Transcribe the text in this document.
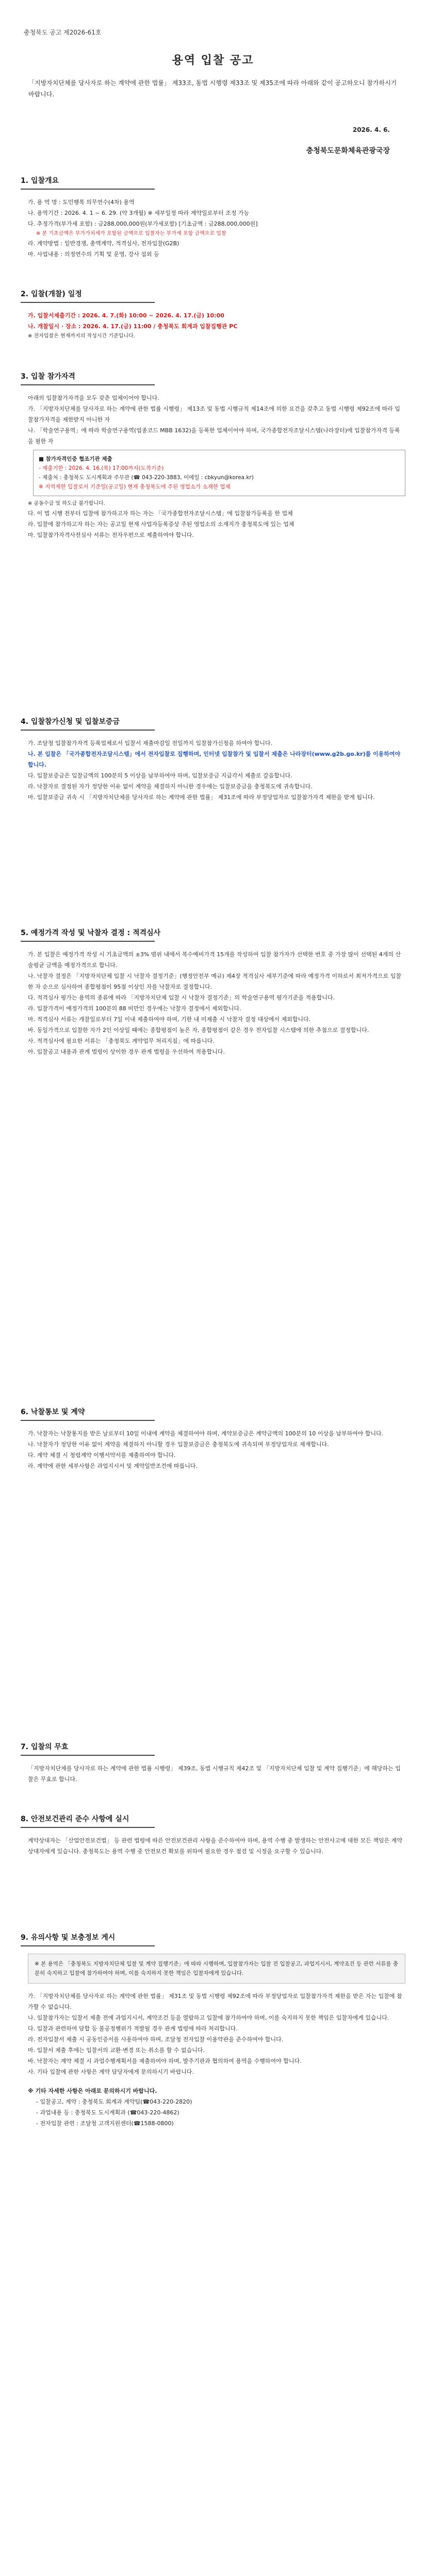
충청북도 공고 제2026-61호
용역 입찰 공고
「지방자치단체를 당사자로 하는 계약에 관한 법률」 제33조, 동법 시행령 제33조 및 제35조에 따라 아래와 같이 공고하오니 참가하시기 바랍니다.
2026. 4. 6.
충청북도문화체육관광국장
1. 입찰개요
가. 용 역 명 : 도민행복 의무연수(4차) 용역
나. 용역기간 : 2026. 4. 1 ~ 6. 29. (약 3개월) ※ 세부일정 따라 계약일로부터 조정 가능
다. 추정가격(부가세 포함) : 금288,000,000원(부가세포함) [기초금액 : 금288,000,000원]
※ 본 기초금액은 부가가치세가 포함된 금액으로 입찰자는 부가세 포함 금액으로 입찰
라. 계약방법 : 일반경쟁, 총액계약, 적격심사, 전자입찰(G2B)
마. 사업내용 : 의정연수의 기획 및 운영, 강사 섭외 등
2. 입찰(개찰) 일정
가. 입찰서제출기간 : 2026. 4. 7.(화) 10:00 ~ 2026. 4. 17.(금) 10:00
나. 개찰일시 · 장소 : 2026. 4. 17.(금) 11:00 / 충청북도 회계과 입찰집행관 PC
※ 전자입찰은 현재까지의 작성시간 기준입니다.
3. 입찰 참가자격
아래의 입찰참가자격을 모두 갖춘 업체이어야 합니다.
가. 「지방자치단체를 당사자로 하는 계약에 관한 법률 시행령」 제13조 및 동법 시행규칙 제14조에 의한 요건을 갖추고 동법 시행령 제92조에 따라 입찰참가자격을 제한받지 아니한 자
나. 「학술연구용역」에 따라 학술연구용역(업종코드 MBB 1632)을 등록한 업체이어야 하며, 국가종합전자조달시스템(나라장터)에 입찰참가자격 등록을 필한 자
■ 참가자격인증 협조기관 제출
- 제출기한 : 2026. 4. 16.(목) 17:00까지(도착기준)
- 제출처 : 충청북도 도시계획과 주무관 (☎ 043-220-3883, 이메일 : cbkyun@korea.kr)
※ 지역제한 입찰로서 기준일(공고일) 현재 충청북도에 주된 영업소가 소재한 업체
※ 공동수급 및 하도급 불가합니다.
다. 이 법 시행 전부터 입찰에 참가하고자 하는 자는 「국가종합전자조달시스템」에 입찰참가등록을 한 업체
라. 입찰에 참가하고자 하는 자는 공고일 현재 사업자등록증상 주된 영업소의 소재지가 충청북도에 있는 업체
마. 입찰참가자격사전심사 서류는 전자우편으로 제출하여야 합니다.
4. 입찰참가신청 및 입찰보증금
가. 조달청 입찰참가자격 등록업체로서 입찰서 제출마감일 전일까지 입찰참가신청을 하여야 합니다.
나. 본 입찰은 「국가종합전자조달시스템」에서 전자입찰로 집행하며, 인터넷 입찰참가 및 입찰서 제출은 나라장터(www.g2b.go.kr)를 이용하여야 합니다.
다. 입찰보증금은 입찰금액의 100분의 5 이상을 납부하여야 하며, 입찰보증금 지급각서 제출로 갈음합니다.
라. 낙찰자로 결정된 자가 정당한 이유 없이 계약을 체결하지 아니한 경우에는 입찰보증금을 충청북도에 귀속합니다.
마. 입찰보증금 귀속 시 「지방자치단체를 당사자로 하는 계약에 관한 법률」 제31조에 따라 부정당업자로 입찰참가자격 제한을 받게 됩니다.
5. 예정가격 작성 및 낙찰자 결정 : 적격심사
가. 본 입찰은 예정가격 작성 시 기초금액의 ±3% 범위 내에서 복수예비가격 15개를 작성하여 입찰 참가자가 선택한 번호 중 가장 많이 선택된 4개의 산술평균 금액을 예정가격으로 합니다.
나. 낙찰자 결정은 「지방자치단체 입찰 시 낙찰자 결정기준」(행정안전부 예규) 제4장 적격심사 세부기준에 따라 예정가격 이하로서 최저가격으로 입찰한 자 순으로 심사하여 종합평점이 95점 이상인 자를 낙찰자로 결정합니다.
다. 적격심사 평가는 용역의 종류에 따라 「지방자치단체 입찰 시 낙찰자 결정기준」의 학술연구용역 평가기준을 적용합니다.
라. 입찰가격이 예정가격의 100분의 88 미만인 경우에는 낙찰자 결정에서 제외합니다.
마. 적격심사 서류는 개찰일로부터 7일 이내 제출하여야 하며, 기한 내 미제출 시 낙찰자 결정 대상에서 제외합니다.
바. 동일가격으로 입찰한 자가 2인 이상일 때에는 종합평점이 높은 자, 종합평점이 같은 경우 전자입찰 시스템에 의한 추첨으로 결정합니다.
사. 적격심사에 필요한 서류는 「충청북도 계약업무 처리지침」에 따릅니다.
아. 입찰공고 내용과 관계 법령이 상이한 경우 관계 법령을 우선하여 적용합니다.
6. 낙찰통보 및 계약
가. 낙찰자는 낙찰통지를 받은 날로부터 10일 이내에 계약을 체결하여야 하며, 계약보증금은 계약금액의 100분의 10 이상을 납부하여야 합니다.
나. 낙찰자가 정당한 이유 없이 계약을 체결하지 아니할 경우 입찰보증금은 충청북도에 귀속되며 부정당업자로 제재합니다.
다. 계약 체결 시 청렴계약 이행서약서를 제출하여야 합니다.
라. 계약에 관한 세부사항은 과업지시서 및 계약일반조건에 따릅니다.
7. 입찰의 무효
「지방자치단체를 당사자로 하는 계약에 관한 법률 시행령」 제39조, 동법 시행규칙 제42조 및 「지방자치단체 입찰 및 계약 집행기준」에 해당하는 입찰은 무효로 합니다.
8. 안전보건관리 준수 사항에 실시
계약상대자는 「산업안전보건법」 등 관련 법령에 따른 안전보건관리 사항을 준수하여야 하며, 용역 수행 중 발생하는 안전사고에 대한 모든 책임은 계약상대자에게 있습니다. 충청북도는 용역 수행 중 안전보건 확보를 위하여 필요한 경우 점검 및 시정을 요구할 수 있습니다.
9. 유의사항 및 보충정보 게시
※ 본 용역은 「충청북도 지방자치단체 입찰 및 계약 집행기준」에 따라 시행하며, 입찰참가자는 입찰 전 입찰공고, 과업지시서, 계약조건 등 관련 서류를 충분히 숙지하고 입찰에 참가하여야 하며, 이를 숙지하지 못한 책임은 입찰자에게 있습니다.
가. 「지방자치단체를 당사자로 하는 계약에 관한 법률」 제31조 및 동법 시행령 제92조에 따라 부정당업자로 입찰참가자격 제한을 받은 자는 입찰에 참가할 수 없습니다.
나. 입찰참가자는 입찰서 제출 전에 과업지시서, 계약조건 등을 열람하고 입찰에 참가하여야 하며, 이를 숙지하지 못한 책임은 입찰자에게 있습니다.
다. 입찰과 관련하여 담합 등 불공정행위가 적발될 경우 관계 법령에 따라 처리합니다.
라. 전자입찰서 제출 시 공동인증서를 사용하여야 하며, 조달청 전자입찰 이용약관을 준수하여야 합니다.
마. 입찰서 제출 후에는 입찰서의 교환·변경 또는 취소를 할 수 없습니다.
바. 낙찰자는 계약 체결 시 과업수행계획서를 제출하여야 하며, 발주기관과 협의하여 용역을 수행하여야 합니다.
사. 기타 입찰에 관한 사항은 계약 담당자에게 문의하시기 바랍니다.
※ 기타 자세한 사항은 아래로 문의하시기 바랍니다.
- 입찰공고, 계약 : 충청북도 회계과 계약팀(☎043-220-2820)
- 과업내용 등 : 충청북도 도시계획과 (☎043-220-4862)
- 전자입찰 관련 : 조달청 고객지원센터(☎1588-0800)
